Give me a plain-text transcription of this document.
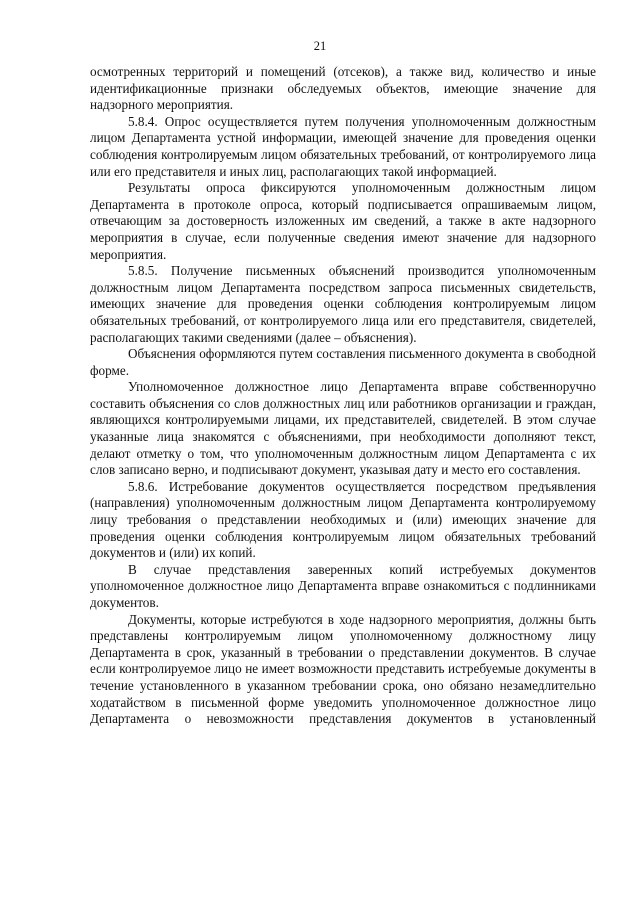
21

осмотренных территорий и помещений (отсеков), а также вид, количество и иные идентификационные признаки обследуемых объектов, имеющие значение для надзорного мероприятия.

5.8.4. Опрос осуществляется путем получения уполномоченным должностным лицом Департамента устной информации, имеющей значение для проведения оценки соблюдения контролируемым лицом обязательных требований, от контролируемого лица или его представителя и иных лиц, располагающих такой информацией.

Результаты опроса фиксируются уполномоченным должностным лицом Департамента в протоколе опроса, который подписывается опрашиваемым лицом, отвечающим за достоверность изложенных им сведений, а также в акте надзорного мероприятия в случае, если полученные сведения имеют значение для надзорного мероприятия.

5.8.5. Получение письменных объяснений производится уполномоченным должностным лицом Департамента посредством запроса письменных свидетельств, имеющих значение для проведения оценки соблюдения контролируемым лицом обязательных требований, от контролируемого лица или его представителя, свидетелей, располагающих такими сведениями (далее – объяснения).

Объяснения оформляются путем составления письменного документа в свободной форме.

Уполномоченное должностное лицо Департамента вправе собственноручно составить объяснения со слов должностных лиц или работников организации и граждан, являющихся контролируемыми лицами, их представителей, свидетелей. В этом случае указанные лица знакомятся с объяснениями, при необходимости дополняют текст, делают отметку о том, что уполномоченным должностным лицом Департамента с их слов записано верно, и подписывают документ, указывая дату и место его составления.

5.8.6. Истребование документов осуществляется посредством предъявления (направления) уполномоченным должностным лицом Департамента контролируемому лицу требования о представлении необходимых и (или) имеющих значение для проведения оценки соблюдения контролируемым лицом обязательных требований документов и (или) их копий.

В случае представления заверенных копий истребуемых документов уполномоченное должностное лицо Департамента вправе ознакомиться с подлинниками документов.

Документы, которые истребуются в ходе надзорного мероприятия, должны быть представлены контролируемым лицом уполномоченному должностному лицу Департамента в срок, указанный в требовании о представлении документов. В случае если контролируемое лицо не имеет возможности представить истребуемые документы в течение установленного в указанном требовании срока, оно обязано незамедлительно ходатайством в письменной форме уведомить уполномоченное должностное лицо Департамента о невозможности представления документов в установленный
